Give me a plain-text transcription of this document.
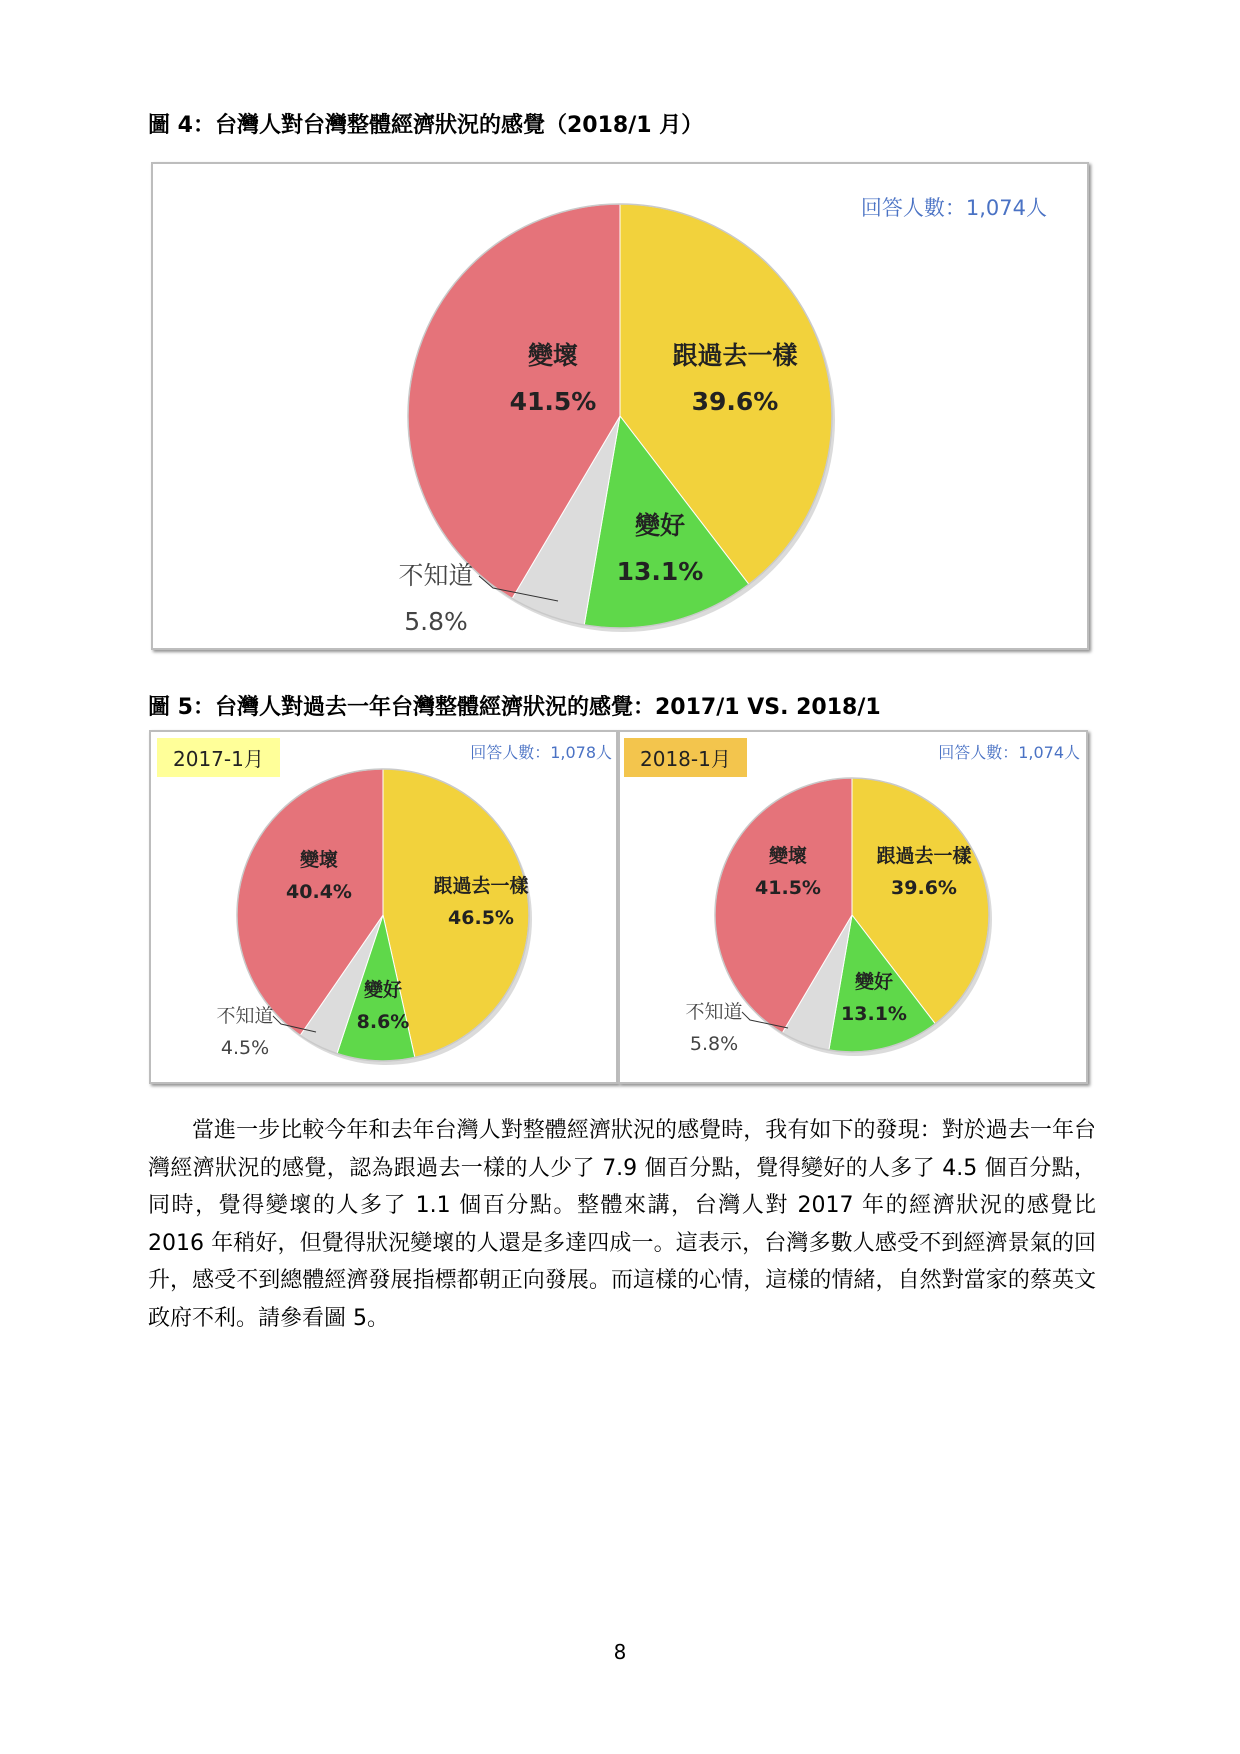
圖 4：台灣人對台灣整體經濟狀況的感覺（2018/1 月）
跟過去一樣
39.6%
變好
13.1%
不知道
5.8%
變壞
41.5%
回答人數：1,074人
圖 5：台灣人對過去一年台灣整體經濟狀況的感覺：2017/1 VS. 2018/1
跟過去一樣
46.5%
變好
8.6%
不知道
4.5%
變壞
40.4%
2017-1月	回答人數：1,078人
跟過去一樣
39.6%
變好
13.1%
不知道
5.8%
變壞
41.5%
2018-1月	回答人數：1,074人
當進一步比較今年和去年台灣人對整體經濟狀況的感覺時，我有如下的發現：對於過去一年台灣經濟狀況的感覺，認為跟過去一樣的人少了 7.9 個百分點，覺得變好的人多了 4.5 個百分點，同時，覺得變壞的人多了 1.1 個百分點。整體來講，台灣人對 2017 年的經濟狀況的感覺比 2016 年稍好，但覺得狀況變壞的人還是多達四成一。這表示，台灣多數人感受不到經濟景氣的回升，感受不到總體經濟發展指標都朝正向發展。而這樣的心情，這樣的情緒，自然對當家的蔡英文政府不利。請參看圖 5。
8
